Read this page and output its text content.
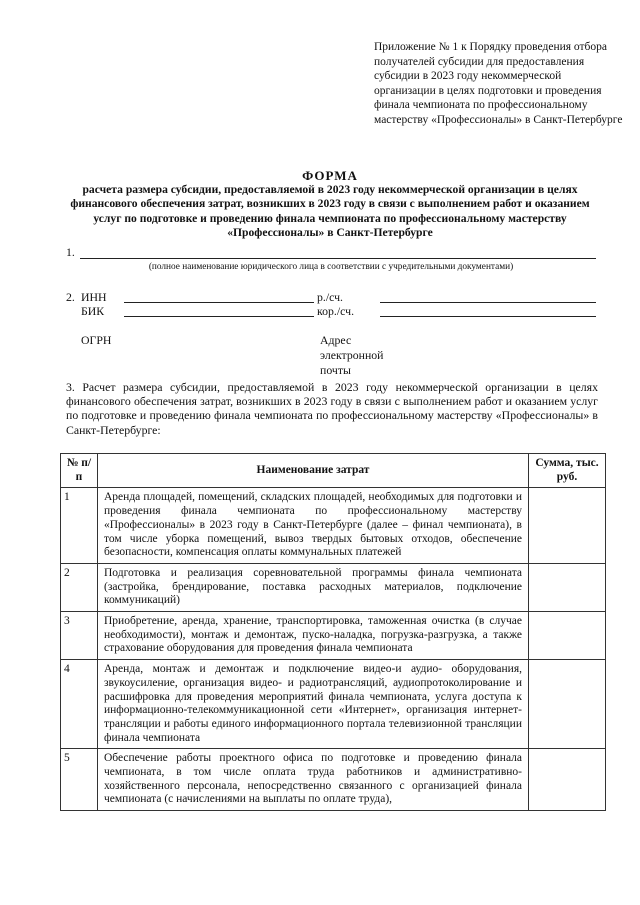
Приложение № 1 к Порядку проведения отбора получателей субсидии для предоставления субсидии в 2023 году некоммерческой организации в целях подготовки и проведения финала чемпионата по профессиональному мастерству «Профессионалы» в Санкт-Петербурге
ФОРМА
расчета размера субсидии, предоставляемой в 2023 году некоммерческой организации в целях финансового обеспечения затрат, возникших в 2023 году в связи с выполнением работ и оказанием услуг по подготовке и проведению финала чемпионата по профессиональному мастерству «Профессионалы» в Санкт-Петербурге
1.
(полное наименование юридического лица в соответствии с учредительными документами)
2. ИНН	р./сч.
БИК	кор./сч.
ОГРН	Адрес
электронной
почты
3. Расчет размера субсидии, предоставляемой в 2023 году некоммерческой организации в целях финансового обеспечения затрат, возникших в 2023 году в связи с выполнением работ и оказанием услуг по подготовке и проведению финала чемпионата по профессиональному мастерству «Профессионалы» в Санкт-Петербурге:
№ п/п	Наименование затрат	Сумма, тыс. руб.
1	Аренда площадей, помещений, складских площадей, необходимых для подготовки и проведения финала чемпионата по профессиональному мастерству «Профессионалы» в 2023 году в Санкт-Петербурге (далее – финал чемпионата), в том числе уборка помещений, вывоз твердых бытовых отходов, обеспечение безопасности, компенсация оплаты коммунальных платежей	
2	Подготовка и реализация соревновательной программы финала чемпионата (застройка, брендирование, поставка расходных материалов, подключение коммуникаций)	
3	Приобретение, аренда, хранение, транспортировка, таможенная очистка (в случае необходимости), монтаж и демонтаж, пуско-наладка, погрузка-разгрузка, а также страхование оборудования для проведения финала чемпионата	
4	Аренда, монтаж и демонтаж и подключение видео-и аудио- оборудования, звукоусиление, организация видео- и радиотрансляций, аудиопротоколирование и расшифровка для проведения мероприятий финала чемпионата, услуга доступа к информационно-телекоммуникационной сети «Интернет», организация интернет-трансляции и работы единого информационного портала телевизионной трансляции финала чемпионата	
5	Обеспечение работы проектного офиса по подготовке и проведению финала чемпионата, в том числе оплата труда работников и административно-хозяйственного персонала, непосредственно связанного с организацией финала чемпионата (с начислениями на выплаты по оплате труда),	
